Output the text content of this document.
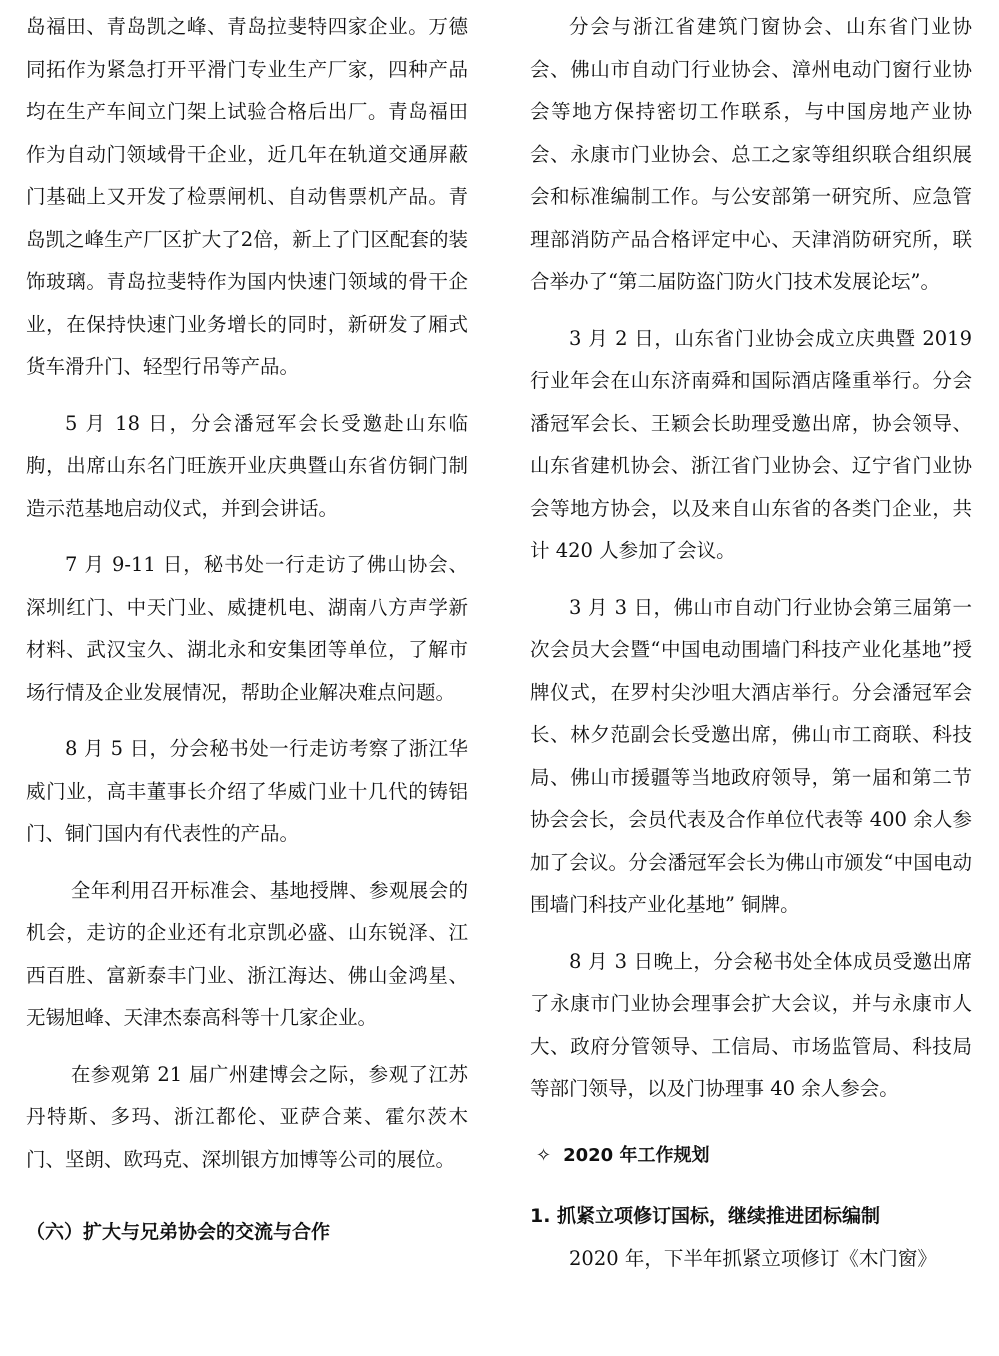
岛福田、青岛凯之峰、青岛拉斐特四家企业。万德同拓作为紧急打开平滑门专业生产厂家，四种产品均在生产车间立门架上试验合格后出厂。青岛福田作为自动门领域骨干企业，近几年在轨道交通屏蔽门基础上又开发了检票闸机、自动售票机产品。青岛凯之峰生产厂区扩大了2倍，新上了门区配套的装饰玻璃。青岛拉斐特作为国内快速门领域的骨干企业，在保持快速门业务增长的同时，新研发了厢式货车滑升门、轻型行吊等产品。

5 月 18 日，分会潘冠军会长受邀赴山东临朐，出席山东名门旺族开业庆典暨山东省仿铜门制造示范基地启动仪式，并到会讲话。

7 月 9-11 日，秘书处一行走访了佛山协会、深圳红门、中天门业、威捷机电、湖南八方声学新材料、武汉宝久、湖北永和安集团等单位，了解市场行情及企业发展情况，帮助企业解决难点问题。

8 月 5 日，分会秘书处一行走访考察了浙江华威门业，高丰董事长介绍了华威门业十几代的铸铝门、铜门国内有代表性的产品。

全年利用召开标准会、基地授牌、参观展会的机会，走访的企业还有北京凯必盛、山东锐泽、江西百胜、富新泰丰门业、浙江海达、佛山金鸿星、无锡旭峰、天津杰泰高科等十几家企业。

在参观第 21 届广州建博会之际，参观了江苏丹特斯、多玛、浙江都伦、亚萨合莱、霍尔茨木门、坚朗、欧玛克、深圳银方加博等公司的展位。

（六）扩大与兄弟协会的交流与合作

分会与浙江省建筑门窗协会、山东省门业协会、佛山市自动门行业协会、漳州电动门窗行业协会等地方保持密切工作联系，与中国房地产业协会、永康市门业协会、总工之家等组织联合组织展会和标准编制工作。与公安部第一研究所、应急管理部消防产品合格评定中心、天津消防研究所，联合举办了“第二届防盗门防火门技术发展论坛”。

3 月 2 日，山东省门业协会成立庆典暨 2019 行业年会在山东济南舜和国际酒店隆重举行。分会潘冠军会长、王颖会长助理受邀出席，协会领导、山东省建机协会、浙江省门业协会、辽宁省门业协会等地方协会，以及来自山东省的各类门企业，共计 420 人参加了会议。

3 月 3 日，佛山市自动门行业协会第三届第一次会员大会暨“中国电动围墙门科技产业化基地”授牌仪式，在罗村尖沙咀大酒店举行。分会潘冠军会长、林夕范副会长受邀出席，佛山市工商联、科技局、佛山市援疆等当地政府领导，第一届和第二节协会会长，会员代表及合作单位代表等 400 余人参加了会议。分会潘冠军会长为佛山市颁发“中国电动围墙门科技产业化基地” 铜牌。

8 月 3 日晚上，分会秘书处全体成员受邀出席了永康市门业协会理事会扩大会议，并与永康市人大、政府分管领导、工信局、市场监管局、科技局等部门领导，以及门协理事 40 余人参会。

✧ 2020 年工作规划

1. 抓紧立项修订国标，继续推进团标编制

2020 年，下半年抓紧立项修订《木门窗》
